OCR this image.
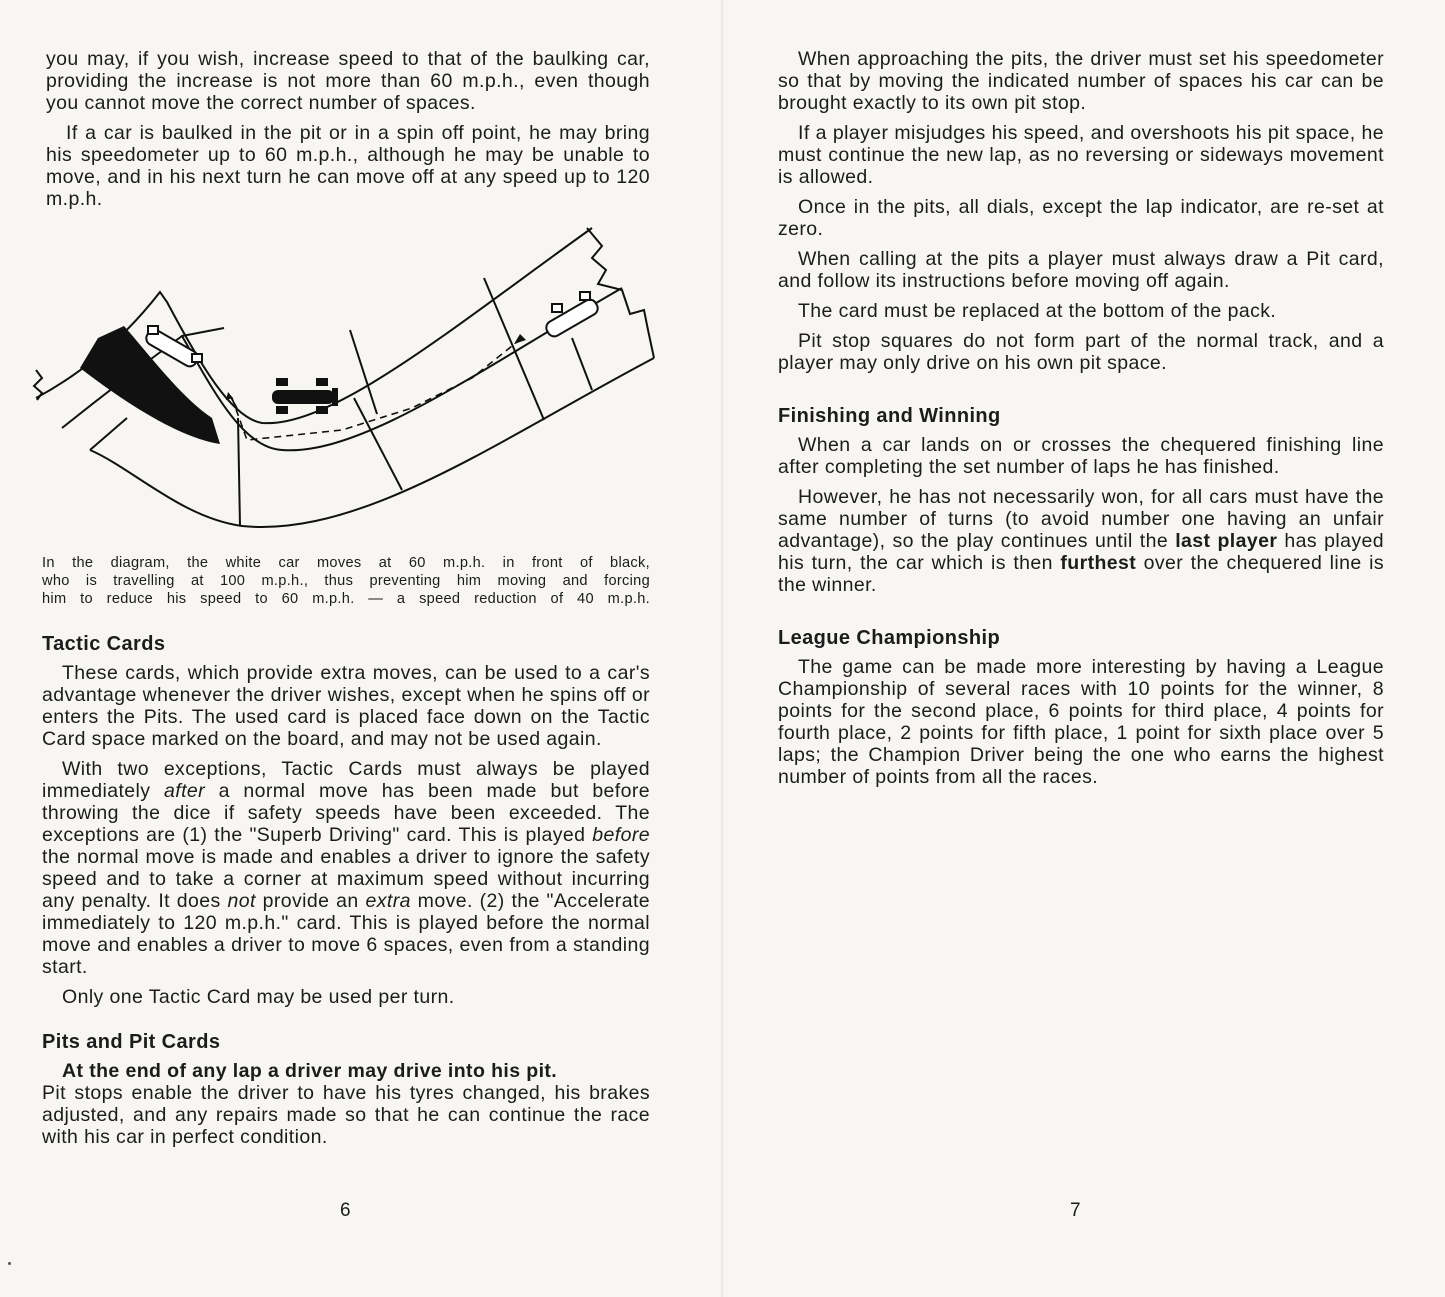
you may, if you wish, increase speed to that of the baulking car, providing the increase is not more than 60 m.p.h., even though you cannot move the correct number of spaces.

If a car is baulked in the pit or in a spin off point, he may bring his speedometer up to 60 m.p.h., although he may be unable to move, and in his next turn he can move off at any speed up to 120 m.p.h.

In the diagram, the white car moves at 60 m.p.h. in front of black,

who is travelling at 100 m.p.h., thus preventing him moving and forcing

him to reduce his speed to 60 m.p.h. — a speed reduction of 40 m.p.h.

Tactic Cards

These cards, which provide extra moves, can be used to a car's advantage whenever the driver wishes, except when he spins off or enters the Pits. The used card is placed face down on the Tactic Card space marked on the board, and may not be used again.

With two exceptions, Tactic Cards must always be played immediately after a normal move has been made but before throwing the dice if safety speeds have been exceeded. The exceptions are (1) the "Superb Driving" card. This is played before the normal move is made and enables a driver to ignore the safety speed and to take a corner at maximum speed without incurring any penalty. It does not provide an extra move. (2) the "Accelerate immediately to 120 m.p.h." card. This is played before the normal move and enables a driver to move 6 spaces, even from a standing start.

Only one Tactic Card may be used per turn.

Pits and Pit Cards

At the end of any lap a driver may drive into his pit.

Pit stops enable the driver to have his tyres changed, his brakes adjusted, and any repairs made so that he can continue the race with his car in perfect condition.

6

When approaching the pits, the driver must set his speedometer so that by moving the indicated number of spaces his car can be brought exactly to its own pit stop.

If a player misjudges his speed, and overshoots his pit space, he must continue the new lap, as no reversing or sideways movement is allowed.

Once in the pits, all dials, except the lap indicator, are re-set at zero.

When calling at the pits a player must always draw a Pit card, and follow its instructions before moving off again.

The card must be replaced at the bottom of the pack.

Pit stop squares do not form part of the normal track, and a player may only drive on his own pit space.

Finishing and Winning

When a car lands on or crosses the chequered finishing line after completing the set number of laps he has finished.

However, he has not necessarily won, for all cars must have the same number of turns (to avoid number one having an unfair advantage), so the play continues until the last player has played his turn, the car which is then furthest over the chequered line is the winner.

League Championship

The game can be made more interesting by having a League Championship of several races with 10 points for the winner, 8 points for the second place, 6 points for third place, 4 points for fourth place, 2 points for fifth place, 1 point for sixth place over 5 laps; the Champion Driver being the one who earns the highest number of points from all the races.

7
